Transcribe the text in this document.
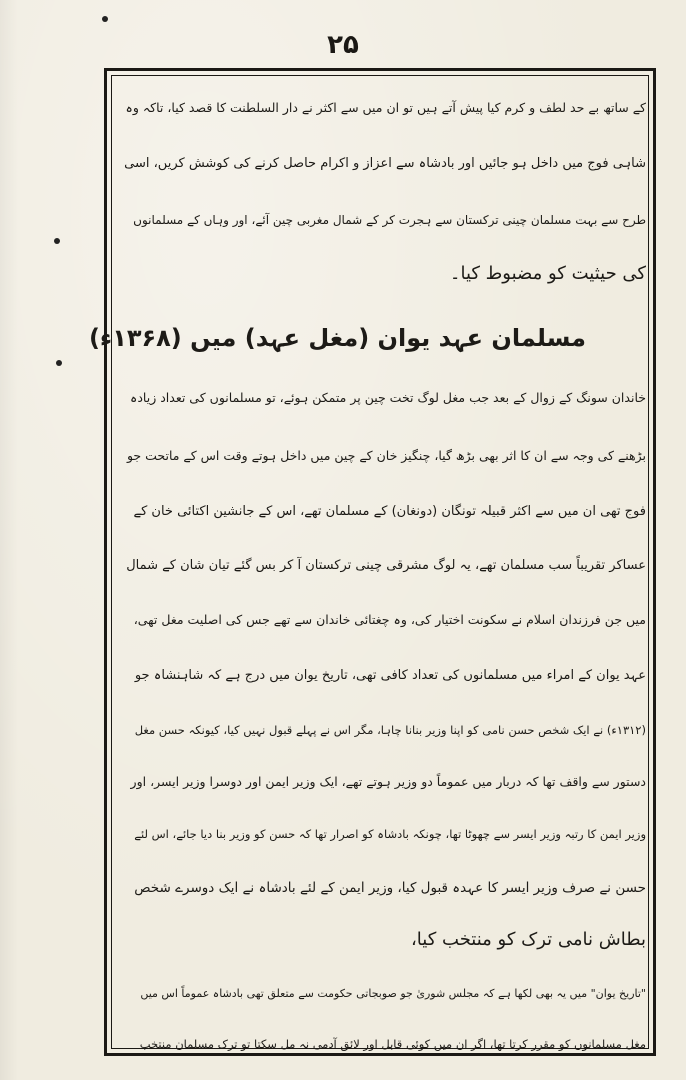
۲۵
کے ساتھ بے حد لطف و کرم کیا پیش آتے ہیں تو ان میں سے اکثر نے دار السلطنت کا قصد کیا، تاکہ وہ
شاہی فوج میں داخل ہو جائیں اور بادشاہ سے اعزاز و اکرام حاصل کرنے کی کوشش کریں، اسی
طرح سے بہت مسلمان چینی ترکستان سے ہجرت کر کے شمال مغربی چین آئے، اور وہاں کے مسلمانوں
کی حیثیت کو مضبوط کیا۔
مسلمان عہد یوان (مغل عہد) میں (۱۳۶۸ء)
خاندان سونگ کے زوال کے بعد جب مغل لوگ تخت چین پر متمکن ہوئے، تو مسلمانوں کی تعداد زیادہ
بڑھنے کی وجہ سے ان کا اثر بھی بڑھ گیا، چنگیز خان کے چین میں داخل ہوتے وقت اس کے ماتحت جو
فوج تھی ان میں سے اکثر قبیلہ تونگان (دونغان) کے مسلمان تھے، اس کے جانشین اکتائی خان کے
عساکر تقریباً سب مسلمان تھے، یہ لوگ مشرقی چینی ترکستان آ کر بس گئے تیان شان کے شمال
میں جن فرزندان اسلام نے سکونت اختیار کی، وہ چغتائی خاندان سے تھے جس کی اصلیت مغل تھی،
عہد یوان کے امراء میں مسلمانوں کی تعداد کافی تھی، تاریخ یوان میں درج ہے کہ شاہنشاہ جو
(۱۳۱۲ء) نے ایک شخص حسن نامی کو اپنا وزیر بنانا چاہا، مگر اس نے پہلے قبول نہیں کیا، کیونکہ حسن مغل
دستور سے واقف تھا کہ دربار میں عموماً دو وزیر ہوتے تھے، ایک وزیر ایمن اور دوسرا وزیر ایسر، اور
وزیر ایمن کا رتبہ وزیر ایسر سے چھوٹا تھا، چونکہ بادشاہ کو اصرار تھا کہ حسن کو وزیر بنا دیا جائے، اس لئے
حسن نے صرف وزیر ایسر کا عہدہ قبول کیا، وزیر ایمن کے لئے بادشاہ نے ایک دوسرے شخص
بطاش نامی ترک کو منتخب کیا،
"تاریخ یوان" میں یہ بھی لکھا ہے کہ مجلس شوریٰ جو صوبجاتی حکومت سے متعلق تھی بادشاہ عموماً اس میں
مغل مسلمانوں کو مقرر کرتا تھا، اگر ان میں کوئی قابل اور لائق آدمی نہ مل سکتا تو ترک مسلمان منتخب
